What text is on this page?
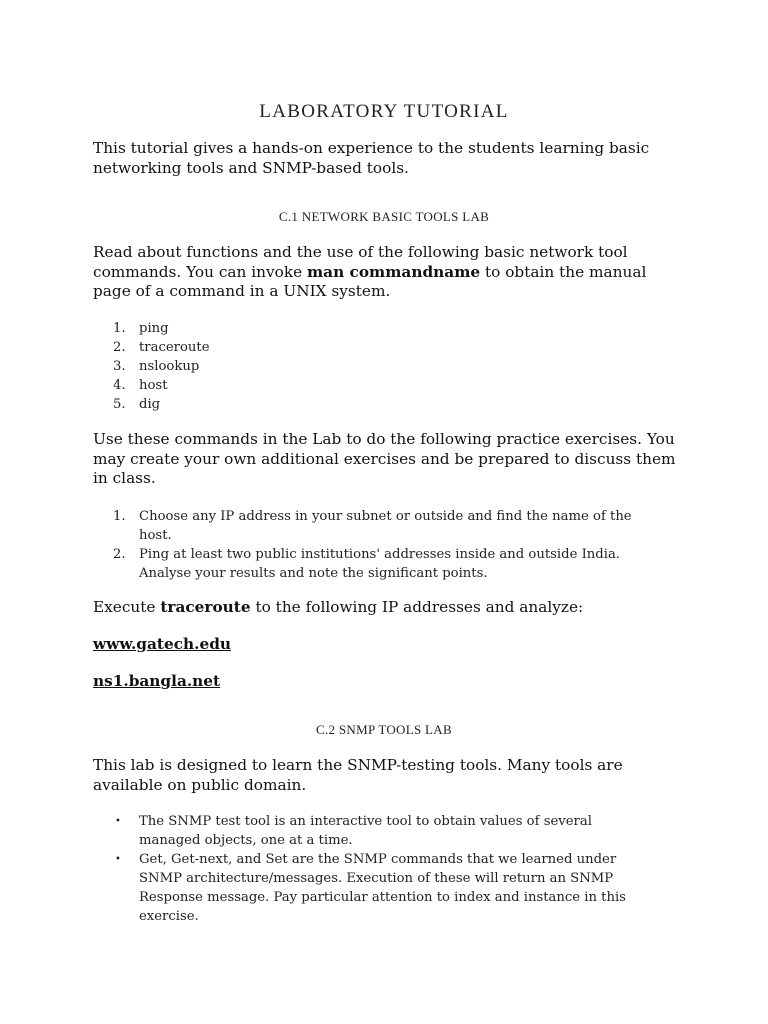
LABORATORY TUTORIAL
This tutorial gives a hands-on experience to the students learning basic networking tools and SNMP-based tools.
C.1 NETWORK BASIC TOOLS LAB
Read about functions and the use of the following basic network tool commands. You can invoke man commandname to obtain the manual page of a command in a UNIX system.
1.	ping
2.	traceroute
3.	nslookup
4.	host
5.	dig
Use these commands in the Lab to do the following practice exercises. You may create your own additional exercises and be prepared to discuss them in class.
1.	Choose any IP address in your subnet or outside and find the name of the host.
2.	Ping at least two public institutions' addresses inside and outside India. Analyse your results and note the significant points.
Execute traceroute to the following IP addresses and analyze:
www.gatech.edu
ns1.bangla.net
C.2 SNMP TOOLS LAB
This lab is designed to learn the SNMP-testing tools. Many tools are available on public domain.
•	The SNMP test tool is an interactive tool to obtain values of several managed objects, one at a time.
•	Get, Get-next, and Set are the SNMP commands that we learned under SNMP architecture/messages. Execution of these will return an SNMP Response message. Pay particular attention to index and instance in this exercise.
